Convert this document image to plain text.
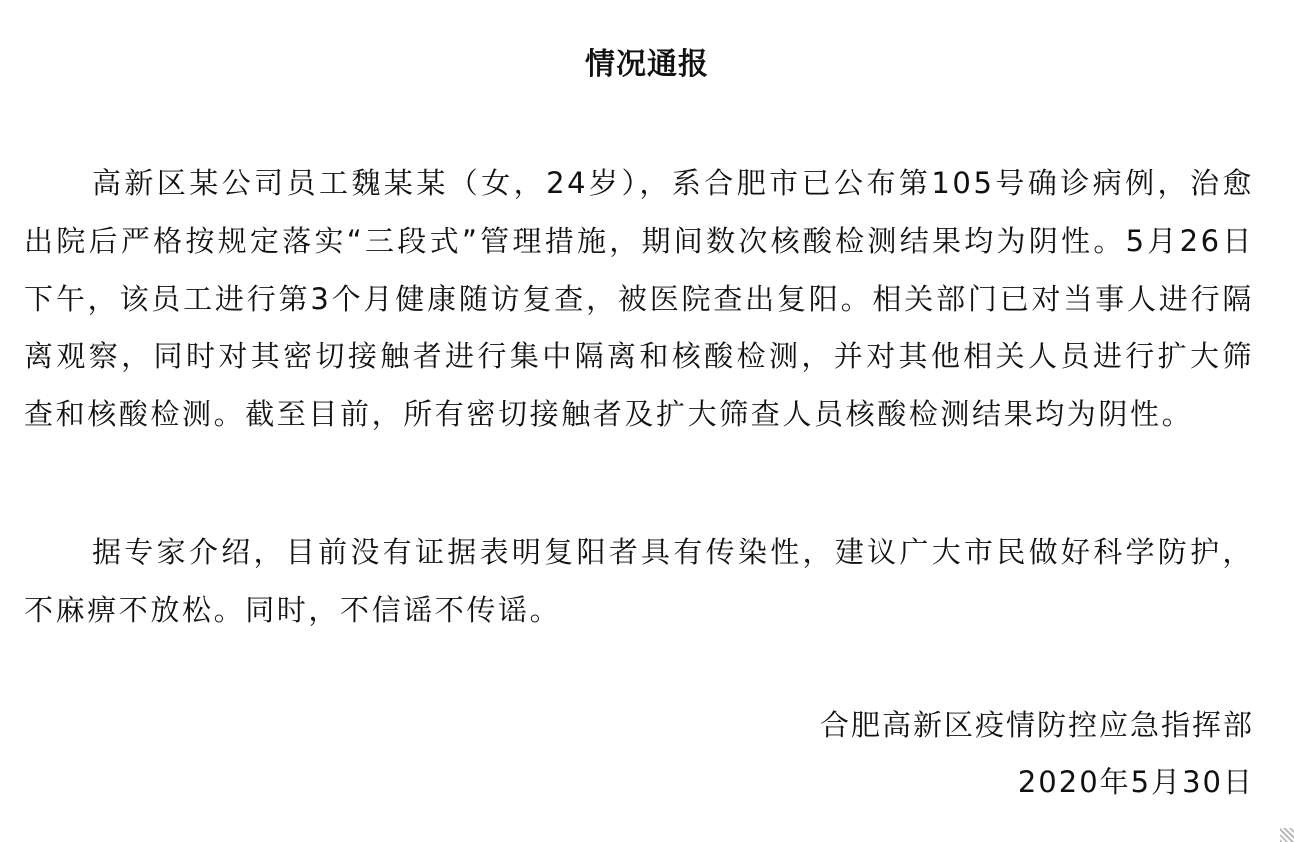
情况通报

高新区某公司员工魏某某（女，24岁），系合肥市已公布第105号确诊病例，治愈出院后严格按规定落实“三段式”管理措施，期间数次核酸检测结果均为阴性。5月26日下午，该员工进行第3个月健康随访复查，被医院查出复阳。相关部门已对当事人进行隔离观察，同时对其密切接触者进行集中隔离和核酸检测，并对其他相关人员进行扩大筛查和核酸检测。截至目前，所有密切接触者及扩大筛查人员核酸检测结果均为阴性。

据专家介绍，目前没有证据表明复阳者具有传染性，建议广大市民做好科学防护，不麻痹不放松。同时，不信谣不传谣。

合肥高新区疫情防控应急指挥部
2020年5月30日
